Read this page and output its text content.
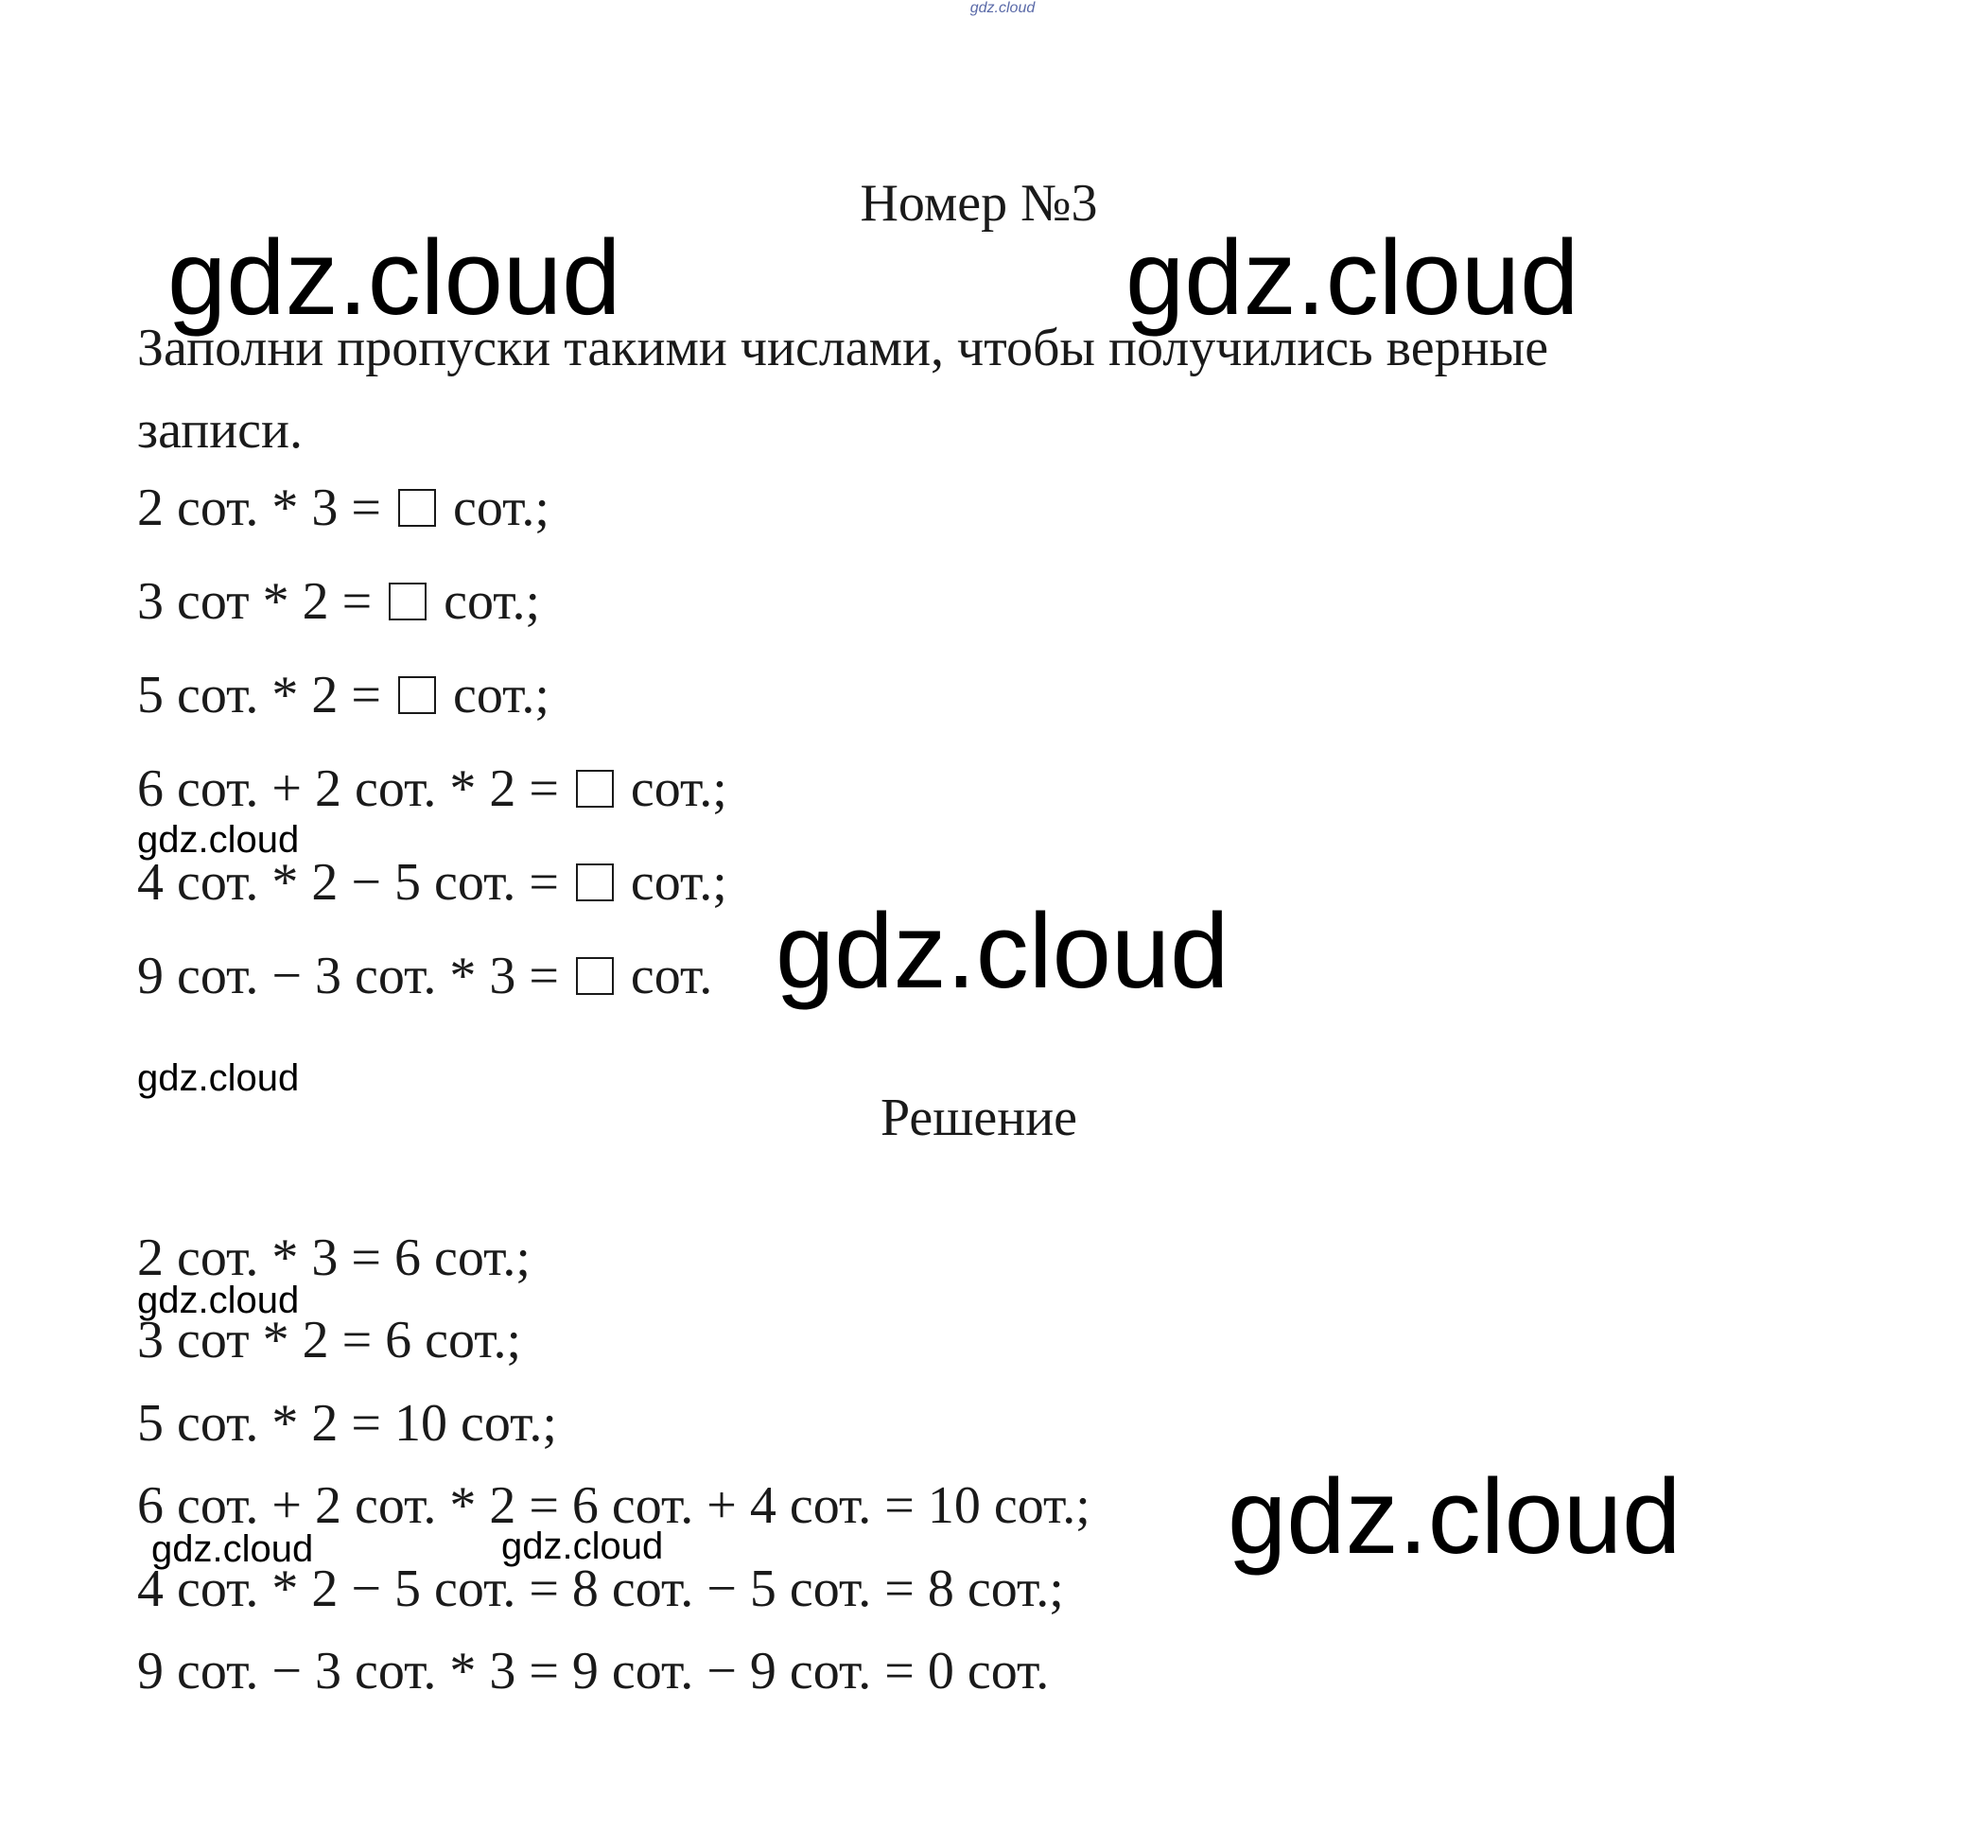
gdz.cloud
Номер №3
Заполни пропуски такими числами, чтобы получились верные
записи.
2 сот. * 3 =  сот.;
3 сот * 2 =  сот.;
5 сот. * 2 =  сот.;
6 сот. + 2 сот. * 2 =  сот.;
4 сот. * 2 − 5 сот. =  сот.;
9 сот. − 3 сот. * 3 =  сот.
Решение
2 сот. * 3 = 6 сот.;
3 сот * 2 = 6 сот.;
5 сот. * 2 = 10 сот.;
6 сот. + 2 сот. * 2 = 6 сот. + 4 сот. = 10 сот.;
4 сот. * 2 − 5 сот. = 8 сот. − 5 сот. = 8 сот.;
9 сот. − 3 сот. * 3 = 9 сот. − 9 сот. = 0 сот.
gdz.cloud	gdz.cloud
gdz.cloud
gdz.cloud
gdz.cloud
gdz.cloud
gdz.cloud
gdz.cloud	gdz.cloud
